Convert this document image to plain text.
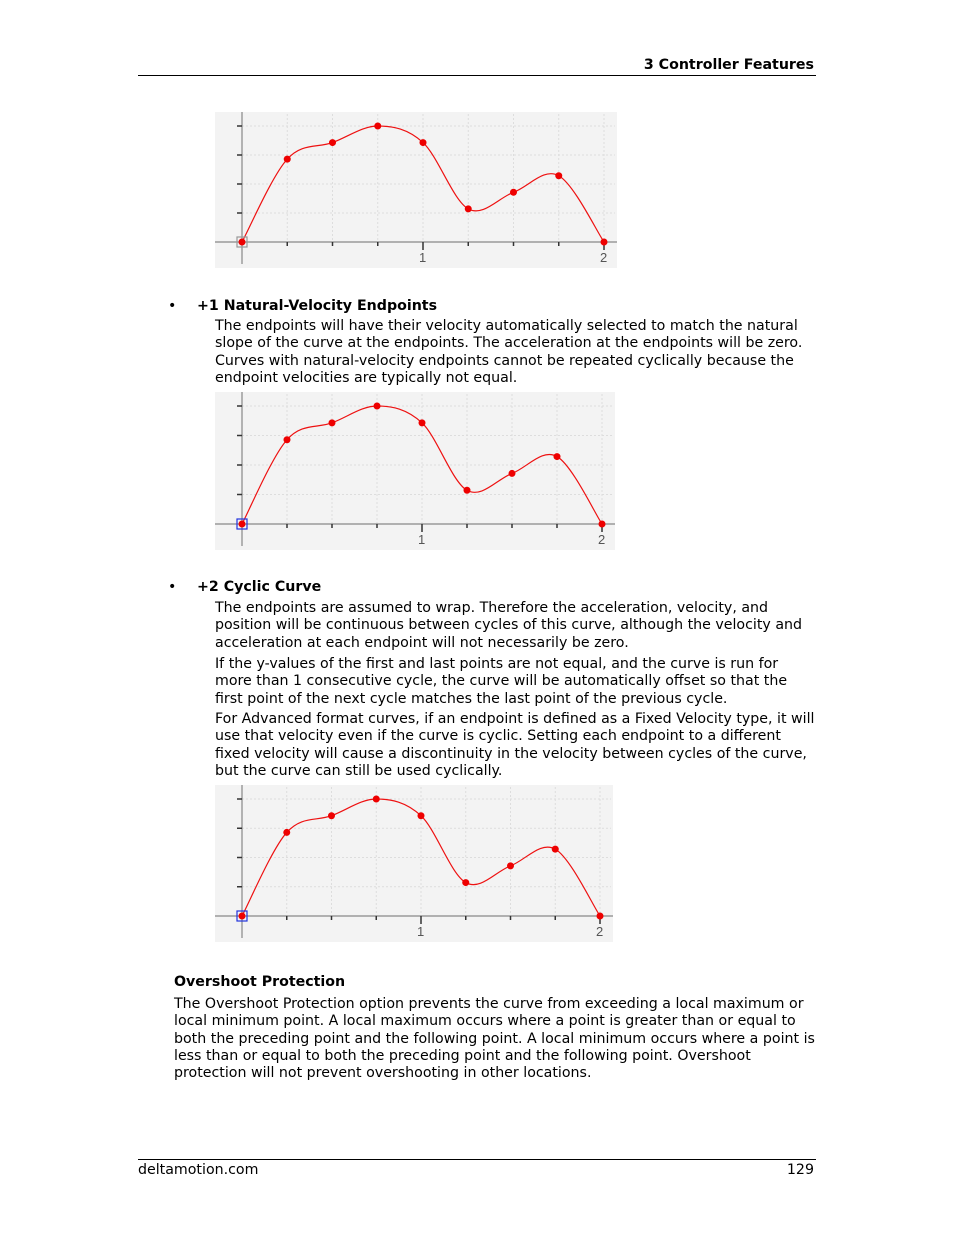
3 Controller Features
1	2
• +1 Natural-Velocity Endpoints

The endpoints will have their velocity automatically selected to match the natural slope of the curve at the endpoints. The acceleration at the endpoints will be zero. Curves with natural-velocity endpoints cannot be repeated cyclically because the endpoint velocities are typically not equal.

1	2
• +2 Cyclic Curve

The endpoints are assumed to wrap. Therefore the acceleration, velocity, and position will be continuous between cycles of this curve, although the velocity and acceleration at each endpoint will not necessarily be zero.

If the y-values of the first and last points are not equal, and the curve is run for more than 1 consecutive cycle, the curve will be automatically offset so that the first point of the next cycle matches the last point of the previous cycle.

For Advanced format curves, if an endpoint is defined as a Fixed Velocity type, it will use that velocity even if the curve is cyclic. Setting each endpoint to a different fixed velocity will cause a discontinuity in the velocity between cycles of the curve, but the curve can still be used cyclically.

1	2
Overshoot Protection

The Overshoot Protection option prevents the curve from exceeding a local maximum or local minimum point. A local maximum occurs where a point is greater than or equal to both the preceding point and the following point. A local minimum occurs where a point is less than or equal to both the preceding point and the following point. Overshoot protection will not prevent overshooting in other locations.

deltamotion.com	129
